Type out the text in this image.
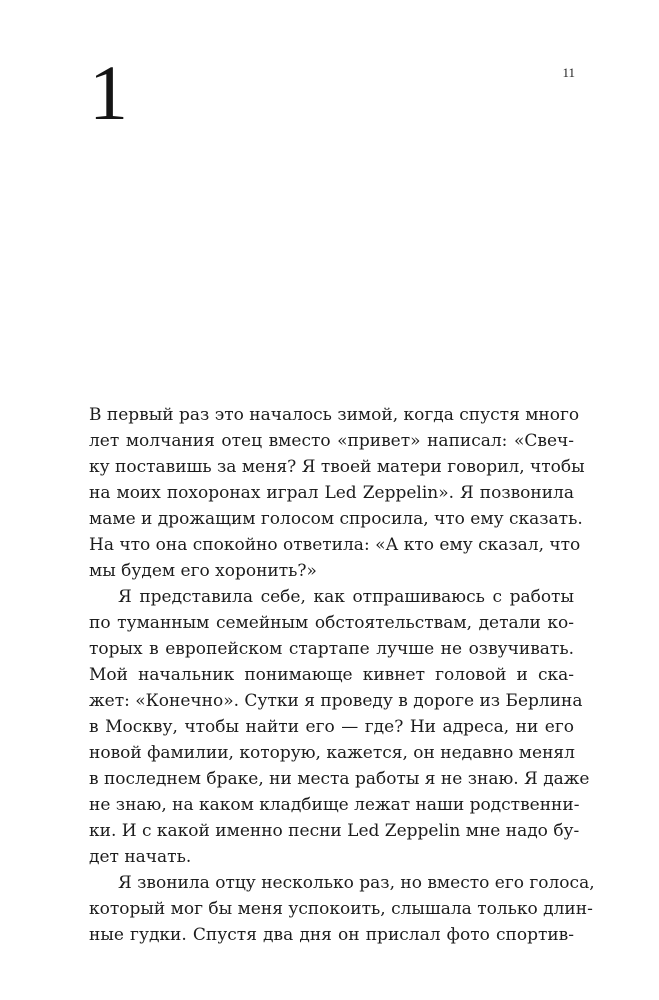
1	11
В первый раз это началось зимой, когда спустя много
лет молчания отец вместо «привет» написал: «Свеч-
ку поставишь за меня? Я твоей матери говорил, чтобы
на моих похоронах играл Led Zeppelin». Я позвонила
маме и дрожащим голосом спросила, что ему сказать.
На что она спокойно ответила: «А кто ему сказал, что
мы будем его хоронить?»
Я представила себе, как отпрашиваюсь с работы
по туманным семейным обстоятельствам, детали ко-
торых в европейском стартапе лучше не озвучивать.
Мой начальник понимающе кивнет головой и ска-
жет: «Конечно». Сутки я проведу в дороге из Берлина
в Москву, чтобы найти его — где? Ни адреса, ни его
новой фамилии, которую, кажется, он недавно менял
в последнем браке, ни места работы я не знаю. Я даже
не знаю, на каком кладбище лежат наши родственни-
ки. И с какой именно песни Led Zeppelin мне надо бу-
дет начать.
Я звонила отцу несколько раз, но вместо его голоса,
который мог бы меня успокоить, слышала только длин-
ные гудки. Спустя два дня он прислал фото спортив-
